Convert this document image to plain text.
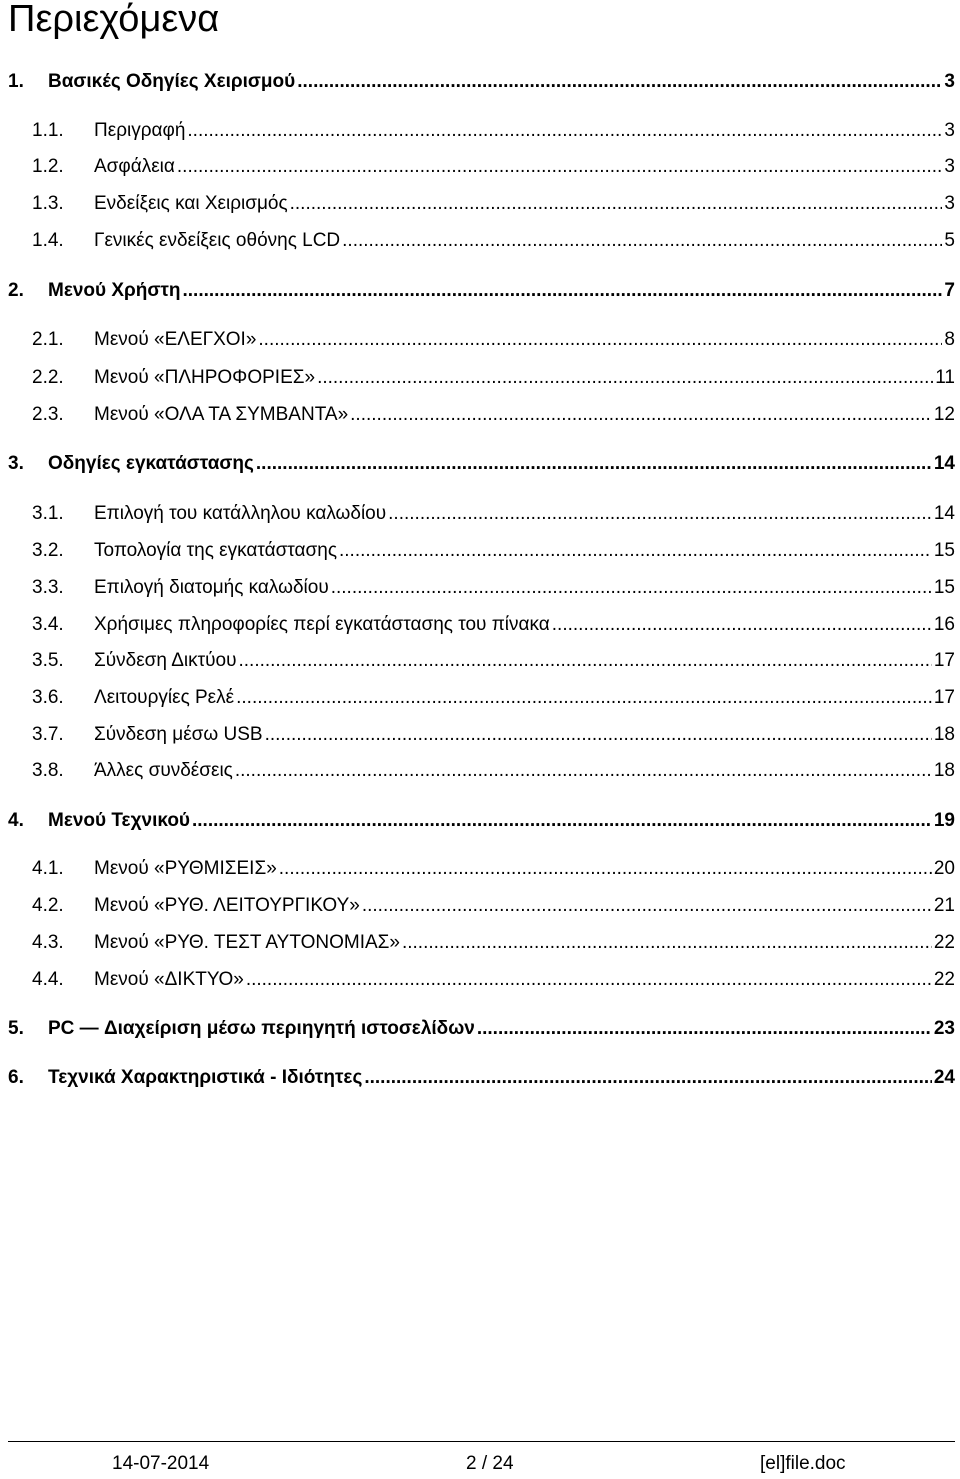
Περιεχόμενα
1.	Βασικές Οδηγίες Χειρισμού .....	3
1.1.	Περιγραφή .....	3
1.2.	Ασφάλεια .....	3
1.3.	Ενδείξεις και Χειρισμός .....	3
1.4.	Γενικές ενδείξεις οθόνης LCD .....	5
2.	Μενού Χρήστη .....	7
2.1.	Μενού «ΕΛΕΓΧΟΙ» .....	8
2.2.	Μενού «ΠΛΗΡΟΦΟΡΙΕΣ» .....	11
2.3.	Μενού «ΟΛΑ ΤΑ ΣΥΜΒΑΝΤΑ» .....	12
3.	Οδηγίες εγκατάστασης .....	14
3.1.	Επιλογή του κατάλληλου καλωδίου .....	14
3.2.	Τοπολογία της εγκατάστασης .....	15
3.3.	Επιλογή διατομής καλωδίου .....	15
3.4.	Χρήσιμες πληροφορίες περί εγκατάστασης του πίνακα .....	16
3.5.	Σύνδεση Δικτύου .....	17
3.6.	Λειτουργίες Ρελέ .....	17
3.7.	Σύνδεση μέσω USB .....	18
3.8.	Άλλες συνδέσεις .....	18
4.	Μενού Τεχνικού .....	19
4.1.	Μενού «ΡΥΘΜΙΣΕΙΣ» .....	20
4.2.	Μενού «ΡΥΘ. ΛΕΙΤΟΥΡΓΙΚΟΥ» .....	21
4.3.	Μενού «ΡΥΘ. ΤΕΣΤ ΑΥΤΟΝΟΜΙΑΣ» .....	22
4.4.	Μενού «ΔΙΚΤΥΟ» .....	22
5.	PC — Διαχείριση μέσω περιηγητή ιστοσελίδων .....	23
6.	Τεχνικά Χαρακτηριστικά - Ιδιότητες .....	24
14-07-2014	2 / 24	[el]file.doc
